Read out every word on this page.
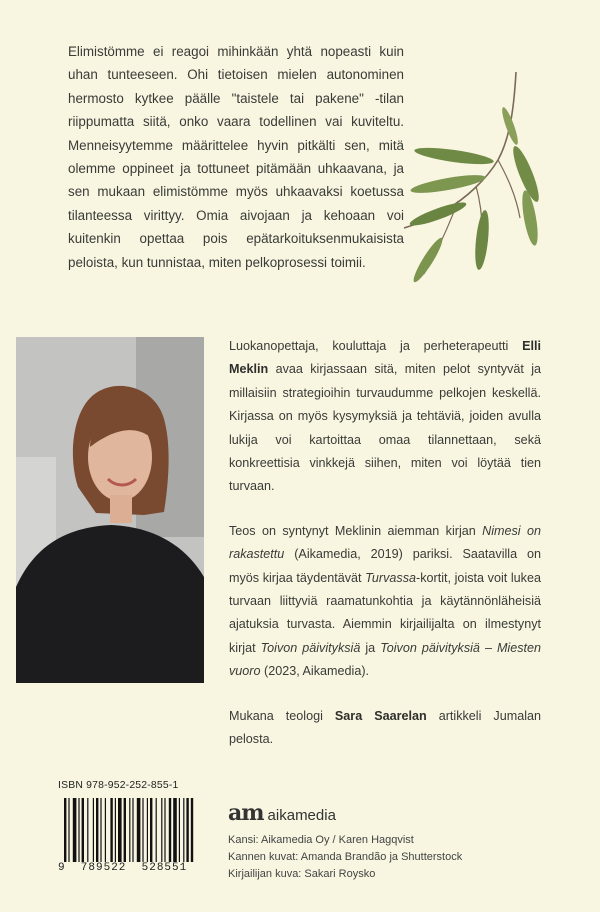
Elimistömme ei reagoi mihinkään yhtä nopeasti kuin uhan tunteeseen. Ohi tietoisen mielen autonominen hermosto kytkee päälle "taistele tai pakene" -tilan riippumatta siitä, onko vaara todellinen vai kuviteltu. Menneisyytemme määrittelee hyvin pitkälti sen, mitä olemme oppineet ja tottuneet pitämään uhkaavana, ja sen mukaan elimistömme myös uhkaavaksi koetussa tilanteessa virittyy. Omia aivojaan ja kehoaan voi kuitenkin opettaa pois epätarkoituksenmukaisista peloista, kun tunnistaa, miten pelkoprosessi toimii.

Luokanopettaja, kouluttaja ja perheterapeutti Elli Meklin avaa kirjassaan sitä, miten pelot syntyvät ja millaisiin strategioihin turvaudumme pelkojen keskellä. Kirjassa on myös kysymyksiä ja tehtäviä, joiden avulla lukija voi kartoittaa omaa tilannettaan, sekä konkreettisia vinkkejä siihen, miten voi löytää tien turvaan.

Teos on syntynyt Meklinin aiemman kirjan Nimesi on rakastettu (Aikamedia, 2019) pariksi. Saatavilla on myös kirjaa täydentävät Turvassa-kortit, joista voit lukea turvaan liittyviä raamatunkohtia ja käytännönläheisiä ajatuksia turvasta. Aiemmin kirjailijalta on ilmestynyt kirjat Toivon päivityksiä ja Toivon päivityksiä – Miesten vuoro (2023, Aikamedia).

Mukana teologi Sara Saarelan artikkeli Jumalan pelosta.

ISBN 978-952-252-855-1
9  789522  528551
am aikamedia
Kansi: Aikamedia Oy / Karen Hagqvist
Kannen kuvat: Amanda Brandão ja Shutterstock
Kirjailijan kuva: Sakari Roysko
